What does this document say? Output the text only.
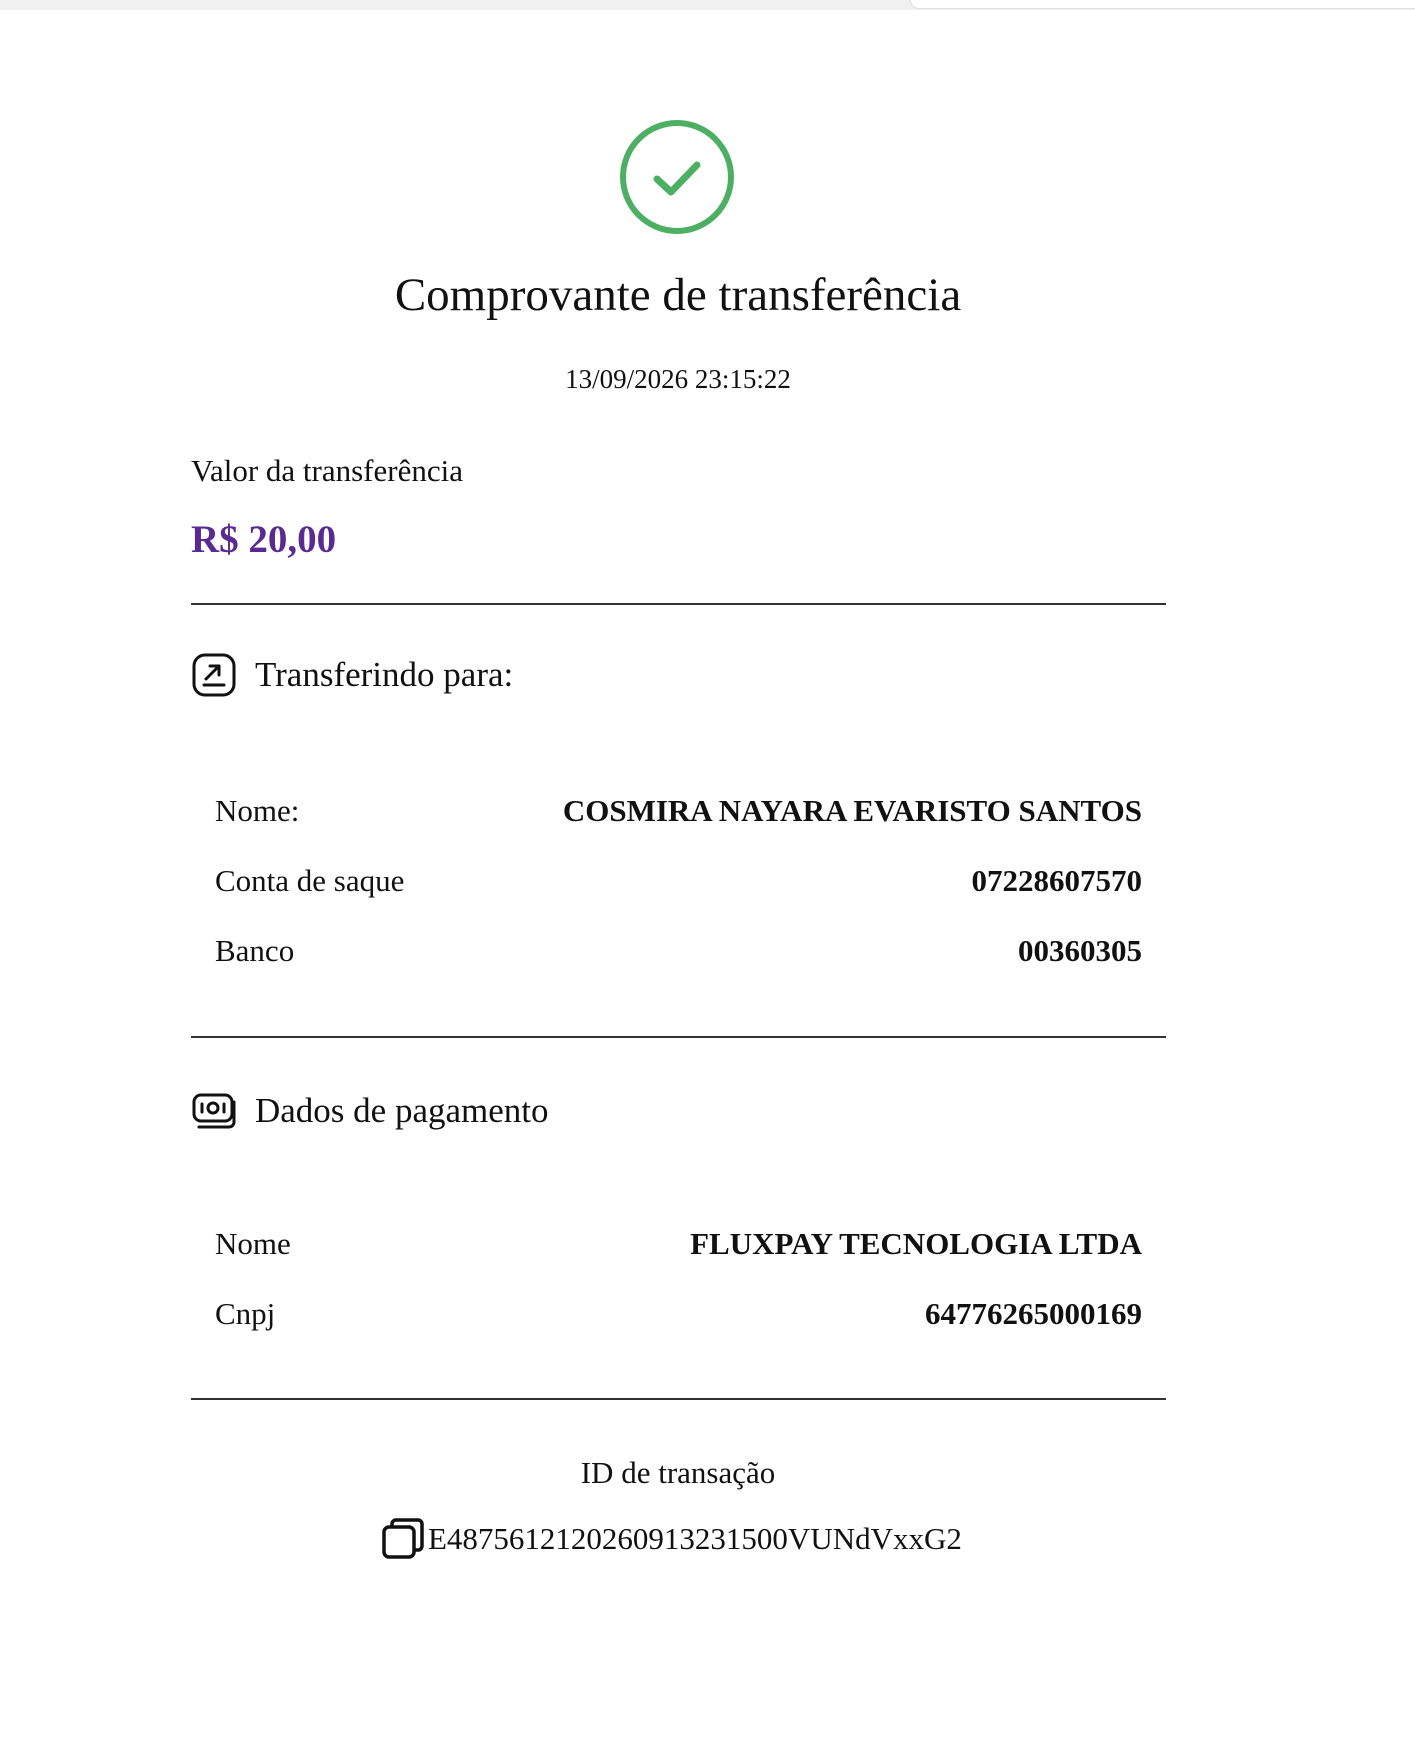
Comprovante de transferência
13/09/2026 23:15:22
Valor da transferência
R$ 20,00
Transferindo para:
Nome:	COSMIRA NAYARA EVARISTO SANTOS
Conta de saque	07228607570
Banco	00360305
Dados de pagamento
Nome	FLUXPAY TECNOLOGIA LTDA
Cnpj	64776265000169
ID de transação
E4875612120260913231500VUNdVxxG2
